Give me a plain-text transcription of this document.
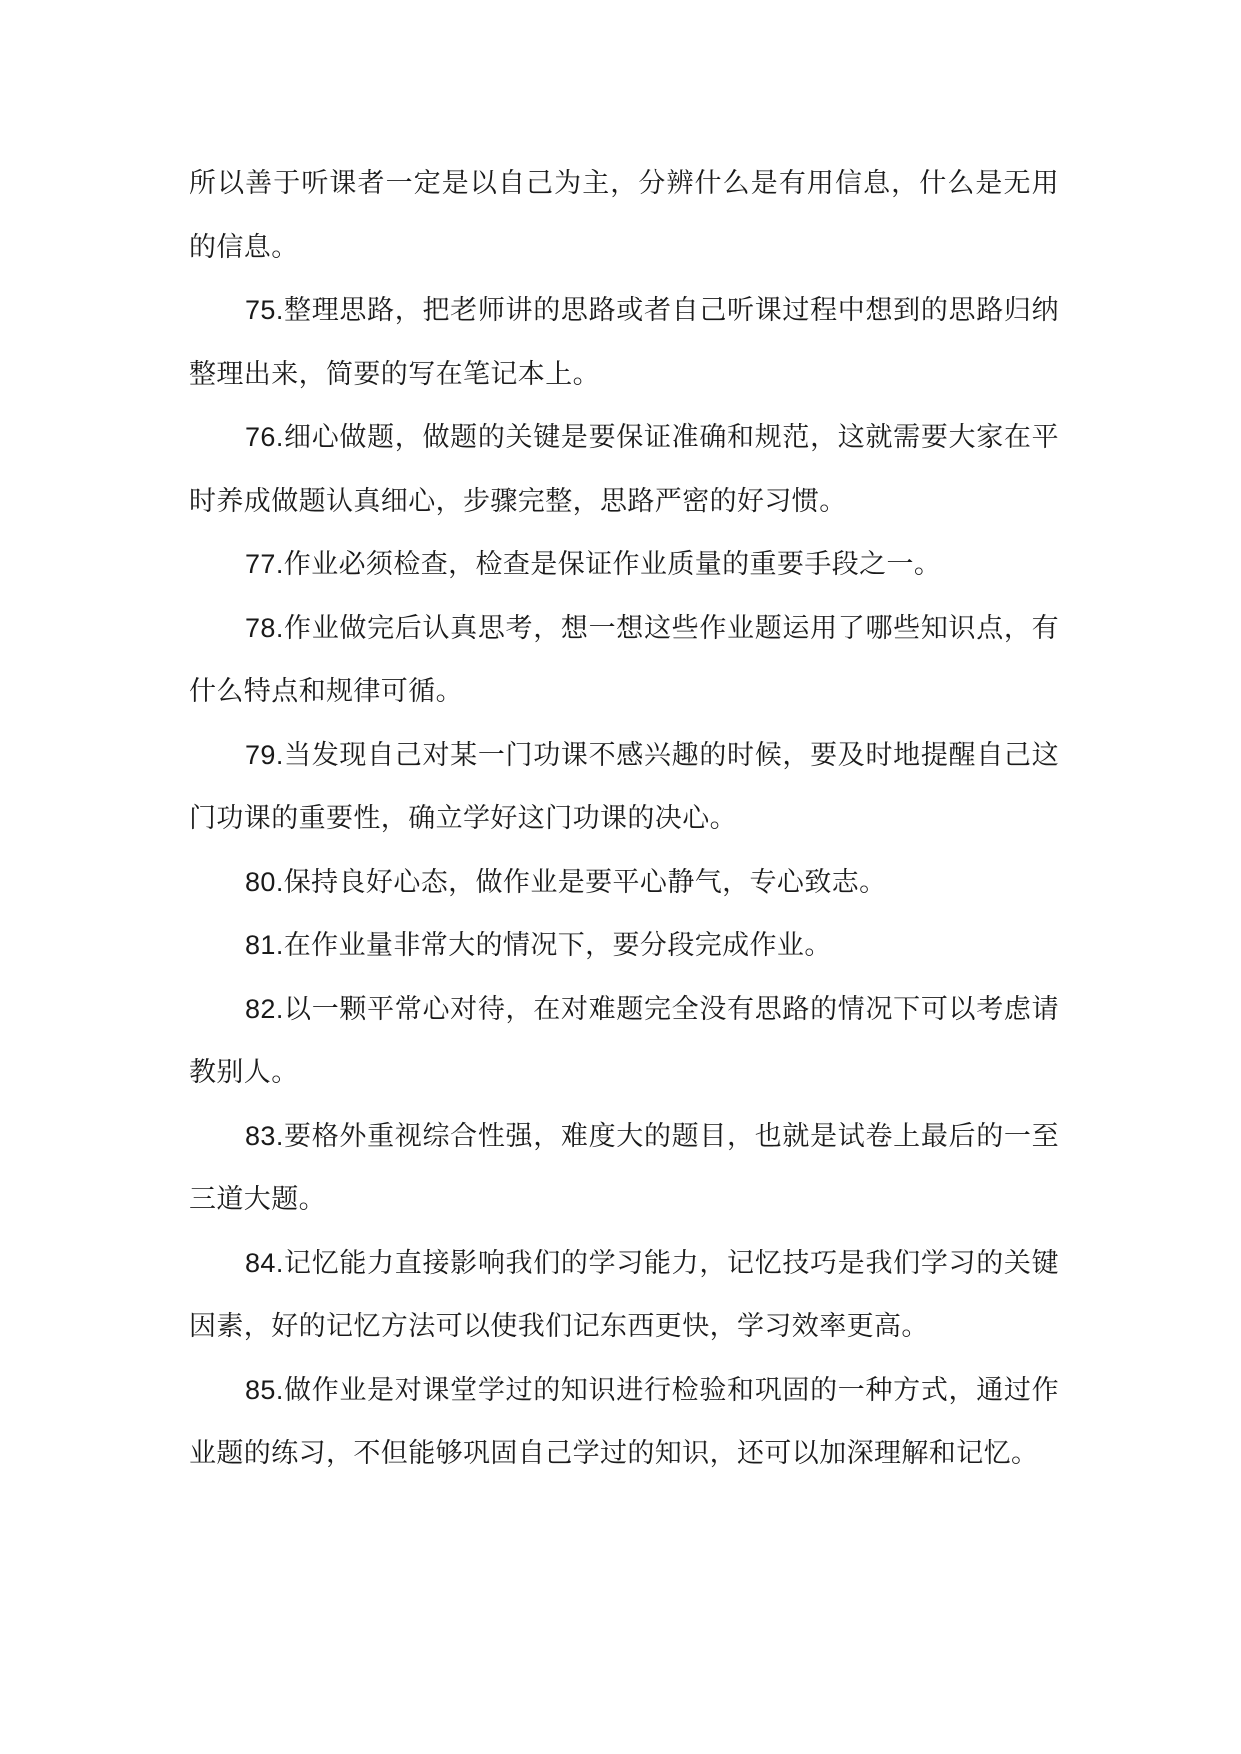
所以善于听课者一定是以自己为主，分辨什么是有用信息，什么是无用的信息。

75.整理思路，把老师讲的思路或者自己听课过程中想到的思路归纳整理出来，简要的写在笔记本上。

76.细心做题，做题的关键是要保证准确和规范，这就需要大家在平时养成做题认真细心，步骤完整，思路严密的好习惯。

77.作业必须检查，检查是保证作业质量的重要手段之一。

78.作业做完后认真思考，想一想这些作业题运用了哪些知识点，有什么特点和规律可循。

79.当发现自己对某一门功课不感兴趣的时候，要及时地提醒自己这门功课的重要性，确立学好这门功课的决心。

80.保持良好心态，做作业是要平心静气，专心致志。

81.在作业量非常大的情况下，要分段完成作业。

82.以一颗平常心对待，在对难题完全没有思路的情况下可以考虑请教别人。

83.要格外重视综合性强，难度大的题目，也就是试卷上最后的一至三道大题。

84.记忆能力直接影响我们的学习能力，记忆技巧是我们学习的关键因素，好的记忆方法可以使我们记东西更快，学习效率更高。

85.做作业是对课堂学过的知识进行检验和巩固的一种方式，通过作业题的练习，不但能够巩固自己学过的知识，还可以加深理解和记忆。
